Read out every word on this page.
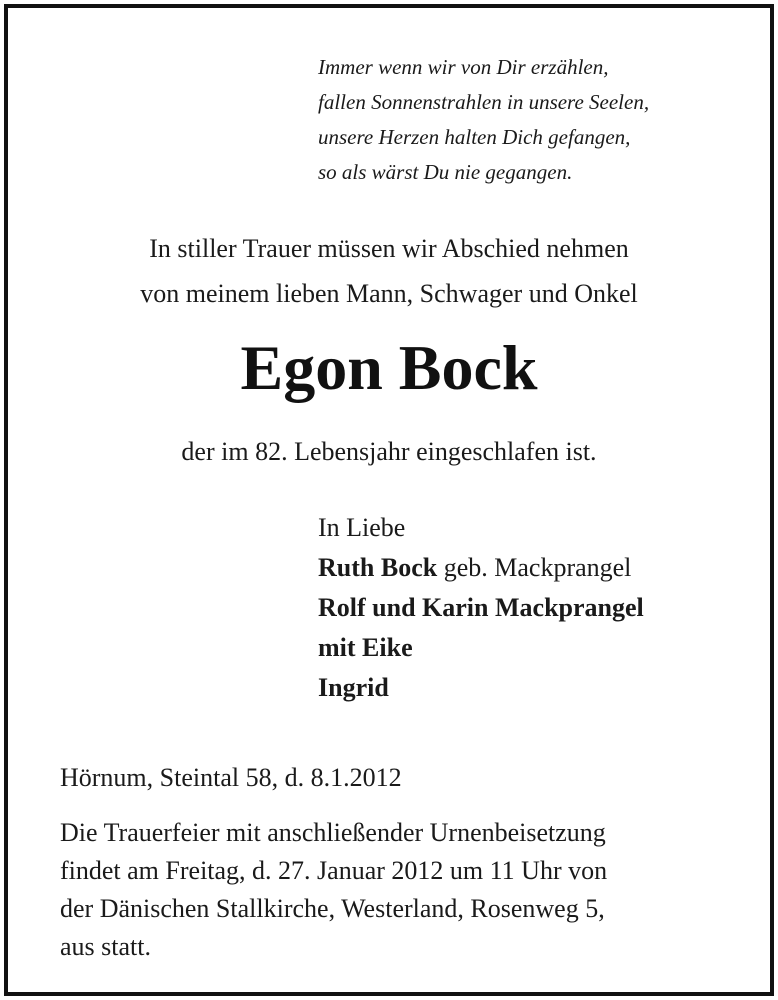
Immer wenn wir von Dir erzählen,
fallen Sonnenstrahlen in unsere Seelen,
unsere Herzen halten Dich gefangen,
so als wärst Du nie gegangen.
In stiller Trauer müssen wir Abschied nehmen
von meinem lieben Mann, Schwager und Onkel
Egon Bock
der im 82. Lebensjahr eingeschlafen ist.
In Liebe
Ruth Bock geb. Mackprangel
Rolf und Karin Mackprangel
mit Eike
Ingrid
Hörnum, Steintal 58, d. 8.1.2012
Die Trauerfeier mit anschließender Urnenbeisetzung
findet am Freitag, d. 27. Januar 2012 um 11 Uhr von
der Dänischen Stallkirche, Westerland, Rosenweg 5,
aus statt.
